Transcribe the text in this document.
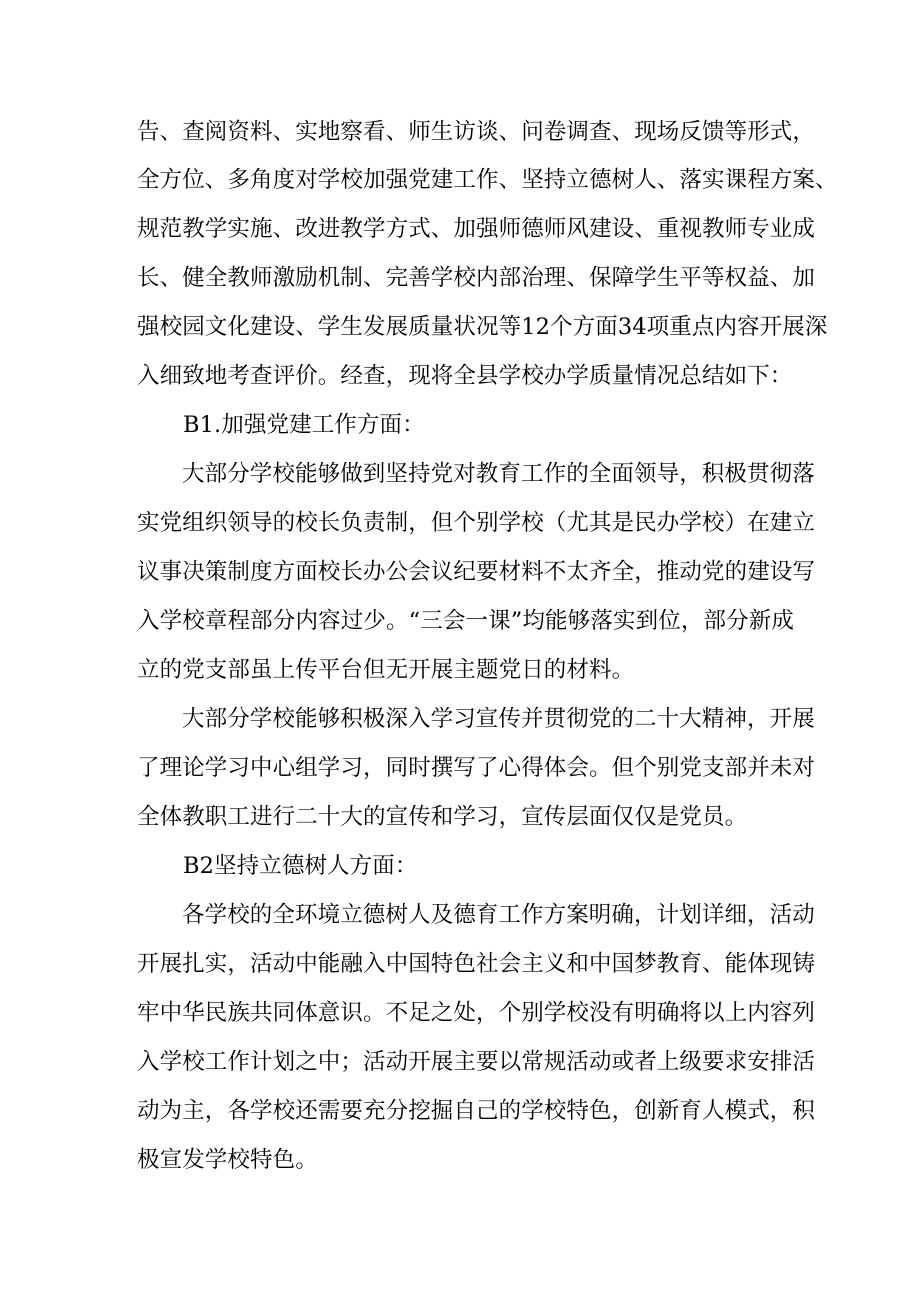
告、查阅资料、实地察看、师生访谈、问卷调查、现场反馈等形式，
全方位、多角度对学校加强党建工作、坚持立德树人、落实课程方案、
规范教学实施、改进教学方式、加强师德师风建设、重视教师专业成
长、健全教师激励机制、完善学校内部治理、保障学生平等权益、加
强校园文化建设、学生发展质量状况等12个方面34项重点内容开展深
入细致地考查评价。经查，现将全县学校办学质量情况总结如下：
B1.加强党建工作方面：
大部分学校能够做到坚持党对教育工作的全面领导，积极贯彻落
实党组织领导的校长负责制，但个别学校（尤其是民办学校）在建立
议事决策制度方面校长办公会议纪要材料不太齐全，推动党的建设写
入学校章程部分内容过少。“三会一课”均能够落实到位，部分新成
立的党支部虽上传平台但无开展主题党日的材料。
大部分学校能够积极深入学习宣传并贯彻党的二十大精神，开展
了理论学习中心组学习，同时撰写了心得体会。但个别党支部并未对
全体教职工进行二十大的宣传和学习，宣传层面仅仅是党员。
B2坚持立德树人方面：
各学校的全环境立德树人及德育工作方案明确，计划详细，活动
开展扎实，活动中能融入中国特色社会主义和中国梦教育、能体现铸
牢中华民族共同体意识。不足之处，个别学校没有明确将以上内容列
入学校工作计划之中；活动开展主要以常规活动或者上级要求安排活
动为主，各学校还需要充分挖掘自己的学校特色，创新育人模式，积
极宣发学校特色。
